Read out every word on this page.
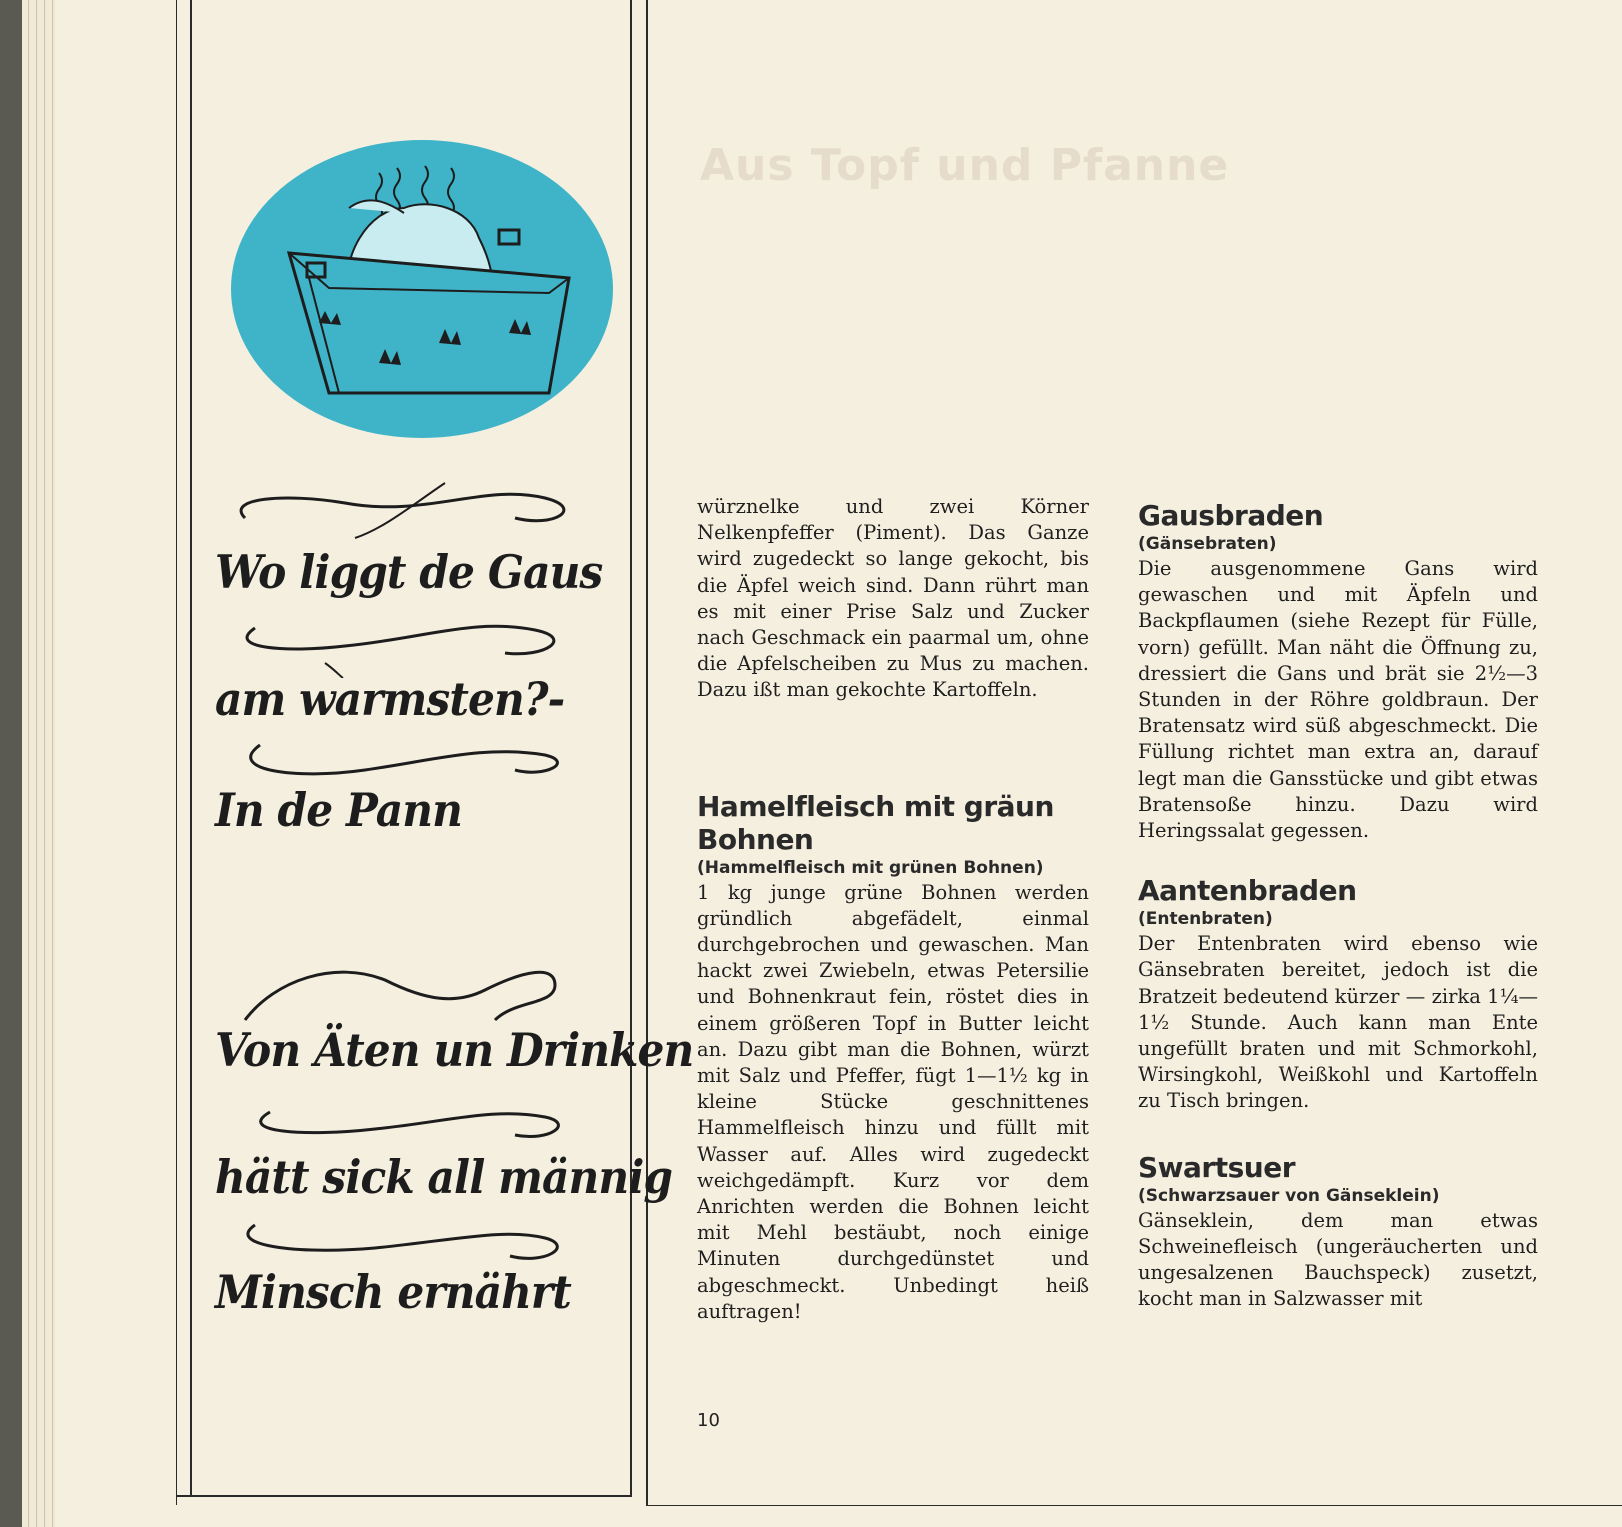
Aus Topf und Pfanne
Wo liggt de Gaus
am warmsten?-
In de Pann
Von Äten un Drinken
hätt sick all männig
Minsch ernährt

würznelke und zwei Körner Nelkenpfeffer (Piment). Das Ganze wird zugedeckt so lange gekocht, bis die Äpfel weich sind. Dann rührt man es mit einer Prise Salz und Zucker nach Geschmack ein paarmal um, ohne die Apfelscheiben zu Mus zu machen. Dazu ißt man gekochte Kartoffeln.

Hamelfleisch mit gräun Bohnen

(Hammelfleisch mit grünen Bohnen)

1 kg junge grüne Bohnen werden gründlich abgefädelt, einmal durchgebrochen und gewaschen. Man hackt zwei Zwiebeln, etwas Petersilie und Bohnenkraut fein, röstet dies in einem größeren Topf in Butter leicht an. Dazu gibt man die Bohnen, würzt mit Salz und Pfeffer, fügt 1—1½ kg in kleine Stücke geschnittenes Hammelfleisch hinzu und füllt mit Wasser auf. Alles wird zugedeckt weichgedämpft. Kurz vor dem Anrichten werden die Bohnen leicht mit Mehl bestäubt, noch einige Minuten durchgedünstet und abgeschmeckt. Unbedingt heiß auftragen!

Gausbraden

(Gänsebraten)

Die ausgenommene Gans wird gewaschen und mit Äpfeln und Backpflaumen (siehe Rezept für Fülle, vorn) gefüllt. Man näht die Öffnung zu, dressiert die Gans und brät sie 2½—3 Stunden in der Röhre goldbraun. Der Bratensatz wird süß abgeschmeckt. Die Füllung richtet man extra an, darauf legt man die Gansstücke und gibt etwas Bratensoße hinzu. Dazu wird Heringssalat gegessen.

Aantenbraden

(Entenbraten)

Der Entenbraten wird ebenso wie Gänsebraten bereitet, jedoch ist die Bratzeit bedeutend kürzer — zirka 1¼—1½ Stunde. Auch kann man Ente ungefüllt braten und mit Schmorkohl, Wirsingkohl, Weißkohl und Kartoffeln zu Tisch bringen.

Swartsuer

(Schwarzsauer von Gänseklein)

Gänseklein, dem man etwas Schweinefleisch (ungeräucherten und ungesalzenen Bauchspeck) zusetzt, kocht man in Salzwasser mit

10
